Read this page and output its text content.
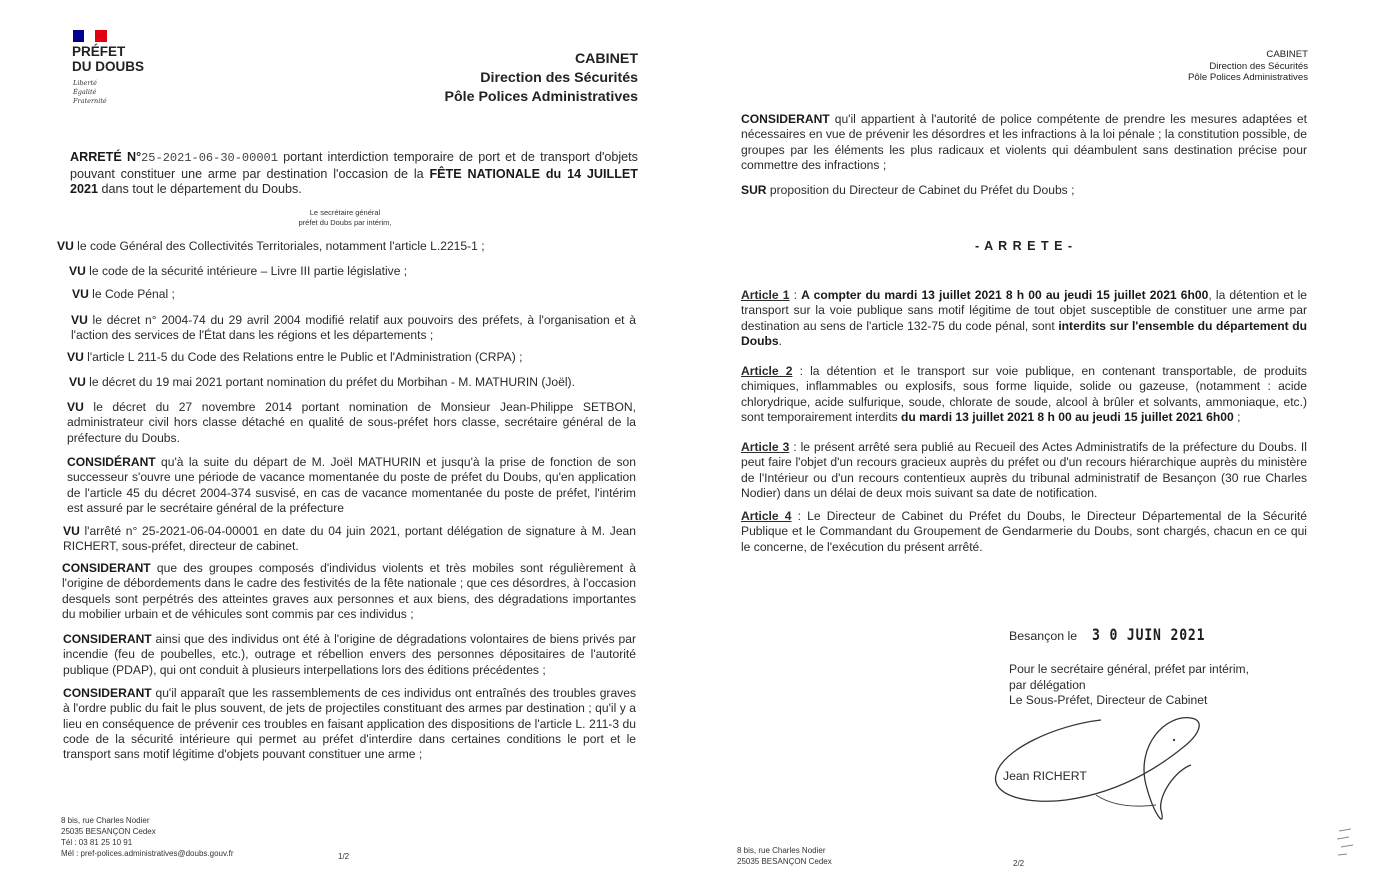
PRÉFET
DU DOUBS
Liberté
Égalité
Fraternité
CABINET
Direction des Sécurités
Pôle Polices Administratives
ARRETÉ N°25-2021-06-30-00001 portant interdiction temporaire de port et de transport d'objets pouvant constituer une arme par destination l'occasion de la FÊTE NATIONALE du 14 JUILLET 2021 dans tout le département du Doubs.
Le secrétaire général
préfet du Doubs par intérim,
VU le code Général des Collectivités Territoriales, notamment l'article L.2215-1 ;
VU le code de la sécurité intérieure – Livre III partie législative ;
VU le Code Pénal ;
VU le décret n° 2004-74 du 29 avril 2004 modifié relatif aux pouvoirs des préfets, à l'organisation et à l'action des services de l'État dans les régions et les départements ;
VU l'article L 211-5 du Code des Relations entre le Public et l'Administration (CRPA) ;
VU le décret du 19 mai 2021 portant nomination du préfet du Morbihan - M. MATHURIN (Joël).
VU le décret du 27 novembre 2014 portant nomination de Monsieur Jean-Philippe SETBON, administrateur civil hors classe détaché en qualité de sous-préfet hors classe, secrétaire général de la préfecture du Doubs.
CONSIDÉRANT qu'à la suite du départ de M. Joël MATHURIN et jusqu'à la prise de fonction de son successeur s'ouvre une période de vacance momentanée du poste de préfet du Doubs, qu'en application de l'article 45 du décret 2004-374 susvisé, en cas de vacance momentanée du poste de préfet, l'intérim est assuré par le secrétaire général de la préfecture
VU l'arrêté n° 25-2021-06-04-00001 en date du 04 juin 2021, portant délégation de signature à M. Jean RICHERT, sous-préfet, directeur de cabinet.
CONSIDERANT que des groupes composés d'individus violents et très mobiles sont régulièrement à l'origine de débordements dans le cadre des festivités de la fête nationale ; que ces désordres, à l'occasion desquels sont perpétrés des atteintes graves aux personnes et aux biens, des dégradations importantes du mobilier urbain et de véhicules sont commis par ces individus ;
CONSIDERANT ainsi que des individus ont été à l'origine de dégradations volontaires de biens privés par incendie (feu de poubelles, etc.), outrage et rébellion envers des personnes dépositaires de l'autorité publique (PDAP), qui ont conduit à plusieurs interpellations lors des éditions précédentes ;
CONSIDERANT qu'il apparaît que les rassemblements de ces individus ont entraînés des troubles graves à l'ordre public du fait le plus souvent, de jets de projectiles constituant des armes par destination ; qu'il y a lieu en conséquence de prévenir ces troubles en faisant application des dispositions de l'article L. 211-3 du code de la sécurité intérieure qui permet au préfet d'interdire dans certaines conditions le port et le transport sans motif légitime d'objets pouvant constituer une arme ;
8 bis, rue Charles Nodier
25035 BESANÇON Cedex
Tél : 03 81 25 10 91
Mél : pref-polices.administratives@doubs.gouv.fr	1/2
CABINET
Direction des Sécurités
Pôle Polices Administratives
CONSIDERANT qu'il appartient à l'autorité de police compétente de prendre les mesures adaptées et nécessaires en vue de prévenir les désordres et les infractions à la loi pénale ; la constitution possible, de groupes par les éléments les plus radicaux et violents qui déambulent sans destination précise pour commettre des infractions ;
SUR proposition du Directeur de Cabinet du Préfet du Doubs ;
- A R R E T E -
Article 1 : A compter du mardi 13 juillet 2021 8 h 00 au jeudi 15 juillet 2021 6h00, la détention et le transport sur la voie publique sans motif légitime de tout objet susceptible de constituer une arme par destination au sens de l'article 132-75 du code pénal, sont interdits sur l'ensemble du département du Doubs.
Article 2 : la détention et le transport sur voie publique, en contenant transportable, de produits chimiques, inflammables ou explosifs, sous forme liquide, solide ou gazeuse, (notamment : acide chlorydrique, acide sulfurique, soude, chlorate de soude, alcool à brûler et solvants, ammoniaque, etc.) sont temporairement interdits du mardi 13 juillet 2021 8 h 00 au jeudi 15 juillet 2021 6h00 ;
Article 3 : le présent arrêté sera publié au Recueil des Actes Administratifs de la préfecture du Doubs. Il peut faire l'objet d'un recours gracieux auprès du préfet ou d'un recours hiérarchique auprès du ministère de l'Intérieur ou d'un recours contentieux auprès du tribunal administratif de Besançon (30 rue Charles Nodier) dans un délai de deux mois suivant sa date de notification.
Article 4 : Le Directeur de Cabinet du Préfet du Doubs, le Directeur Départemental de la Sécurité Publique et le Commandant du Groupement de Gendarmerie du Doubs, sont chargés, chacun en ce qui le concerne, de l'exécution du présent arrêté.
Besançon le 3 0 JUIN 2021
Pour le secrétaire général, préfet par intérim,
par délégation
Le Sous-Préfet, Directeur de Cabinet
Jean RICHERT
8 bis, rue Charles Nodier
25035 BESANÇON Cedex	2/2
